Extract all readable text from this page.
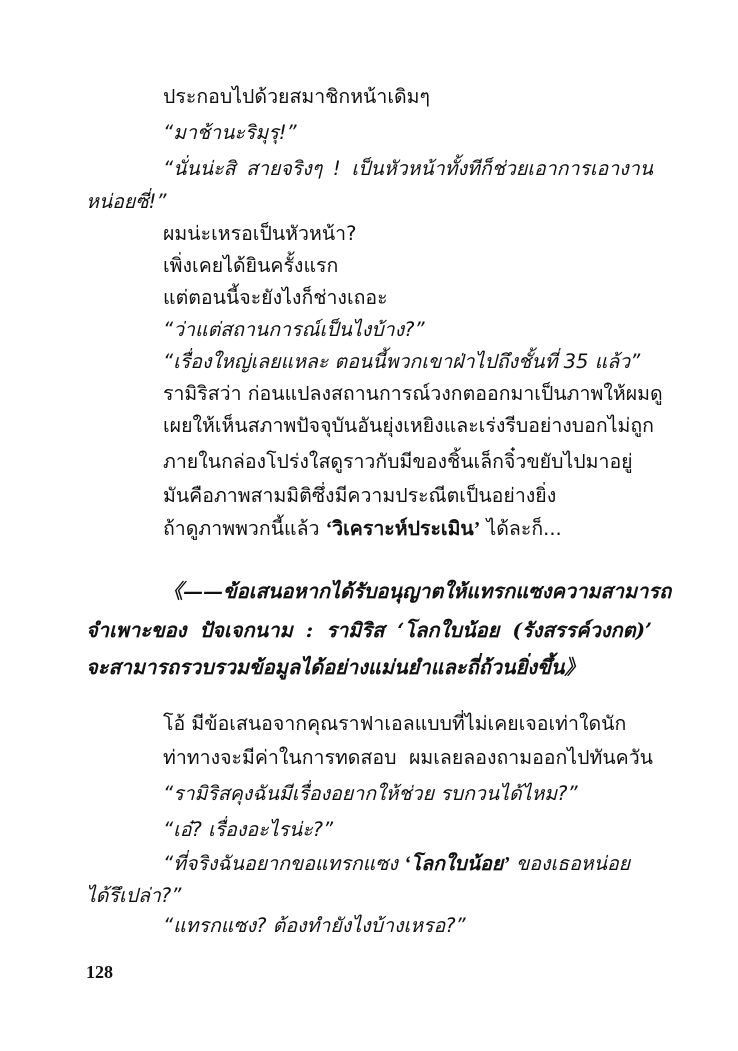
ประกอบไปด้วยสมาชิกหน้าเดิมๆ
“มาช้านะริมุรุ!”
“นั่นน่ะสิ สายจริงๆ ! เป็นหัวหน้าทั้งทีก็ช่วยเอาการเอางาน
หน่อยซี่!”
ผมน่ะเหรอเป็นหัวหน้า?
เพิ่งเคยได้ยินครั้งแรก
แต่ตอนนี้จะยังไงก็ช่างเถอะ
“ว่าแต่สถานการณ์เป็นไงบ้าง?”
“เรื่องใหญ่เลยแหละ ตอนนี้พวกเขาฝ่าไปถึงชั้นที่ 35 แล้ว”
รามิริสว่า ก่อนแปลงสถานการณ์วงกตออกมาเป็นภาพให้ผมดู
เผยให้เห็นสภาพปัจจุบันอันยุ่งเหยิงและเร่งรีบอย่างบอกไม่ถูก
ภายในกล่องโปร่งใสดูราวกับมีของชิ้นเล็กจิ๋วขยับไปมาอยู่
มันคือภาพสามมิติซึ่งมีความประณีตเป็นอย่างยิ่ง
ถ้าดูภาพพวกนี้แล้ว ‘วิเคราะห์ประเมิน’ ได้ละก็...
《——ข้อเสนอหากได้รับอนุญาตให้แทรกแซงความสามารถ
จำเพาะของ ปัจเจกนาม : รามิริส ‘โลกใบน้อย (รังสรรค์วงกต)’
จะสามารถรวบรวมข้อมูลได้อย่างแม่นยำและถี่ถ้วนยิ่งขึ้น》
โอ้ มีข้อเสนอจากคุณราฟาเอลแบบที่ไม่เคยเจอเท่าใดนัก
ท่าทางจะมีค่าในการทดสอบ ผมเลยลองถามออกไปทันควัน
“รามิริสคุงฉันมีเรื่องอยากให้ช่วย รบกวนได้ไหม?”
“เอ๋? เรื่องอะไรน่ะ?”
“ที่จริงฉันอยากขอแทรกแซง ‘โลกใบน้อย’ ของเธอหน่อย
ได้รึเปล่า?”
“แทรกแซง? ต้องทำยังไงบ้างเหรอ?”
128
